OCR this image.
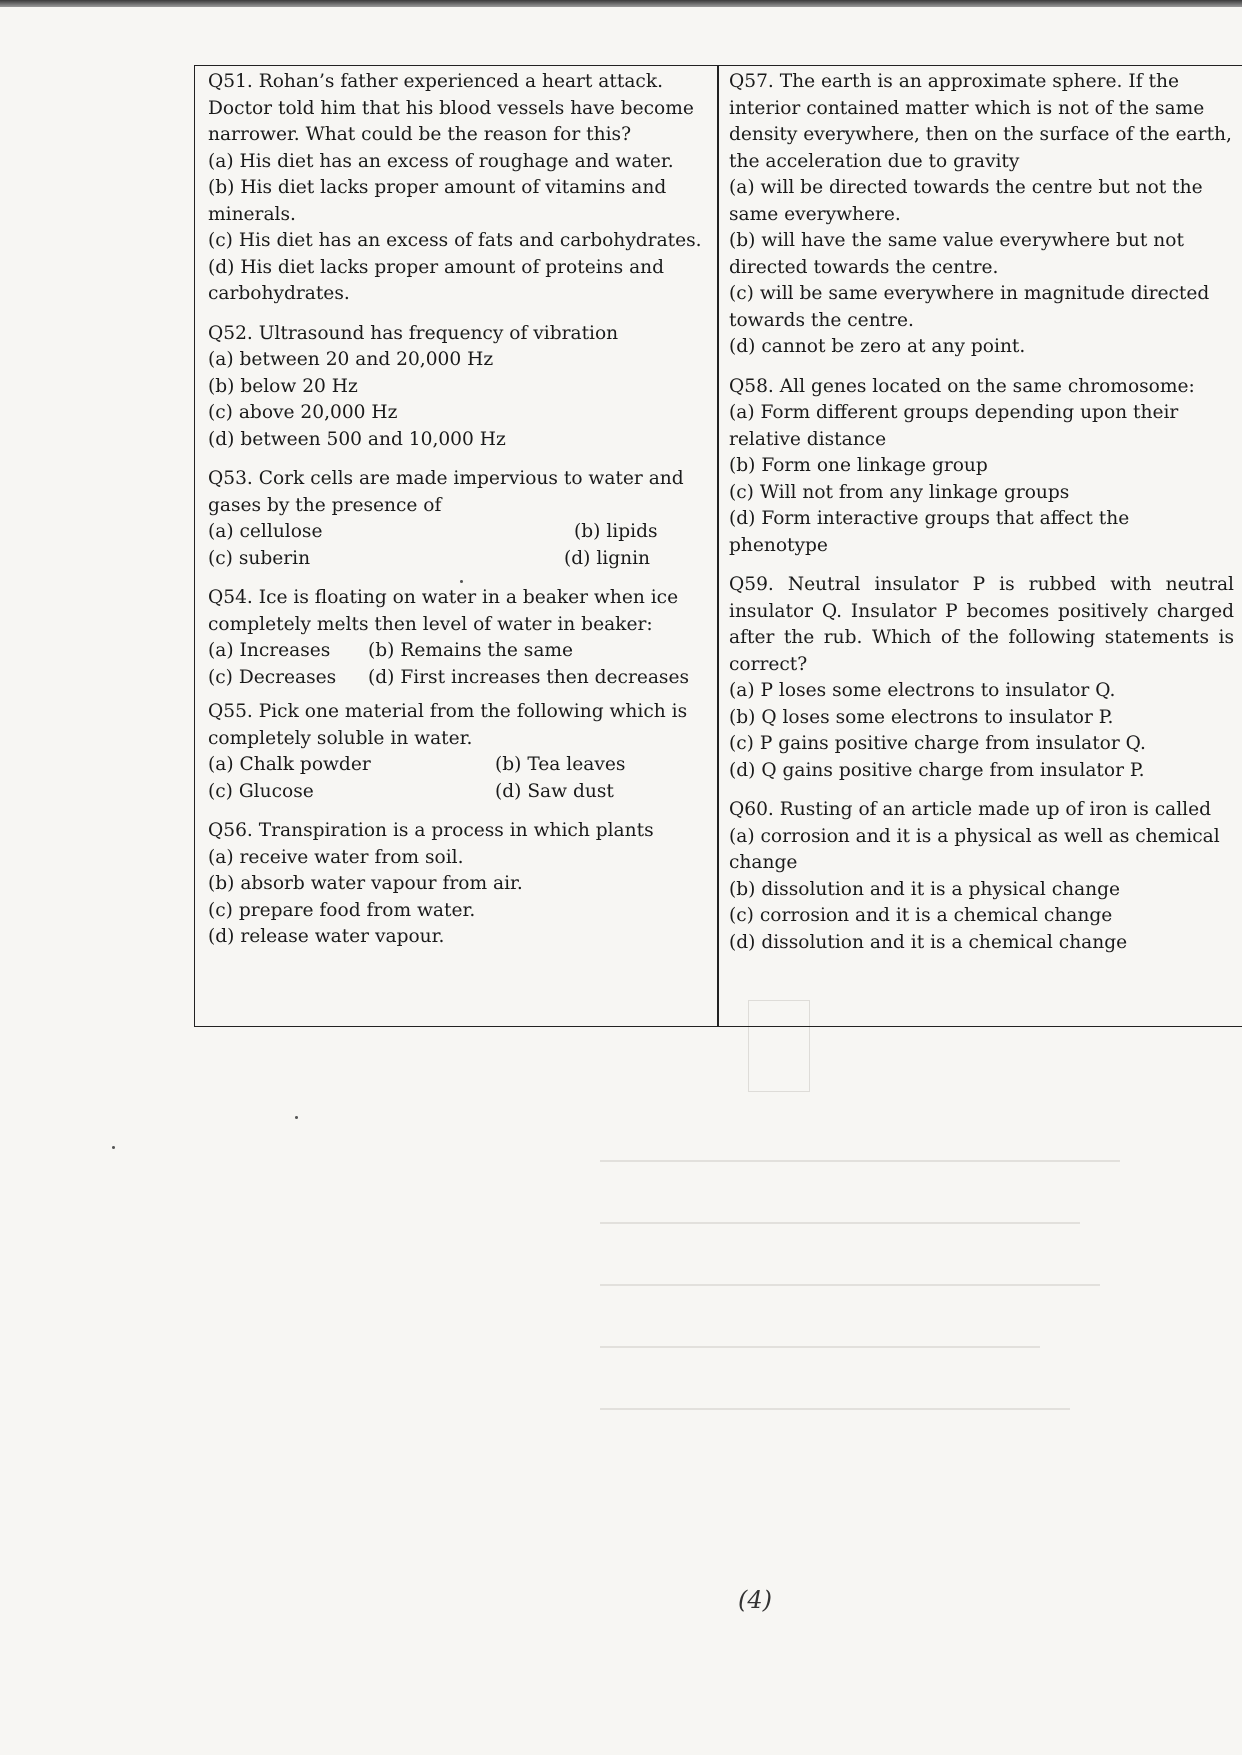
Q51. Rohan’s father experienced a heart attack. Doctor told him that his blood vessels have become narrower. What could be the reason for this?

(a) His diet has an excess of roughage and water.

(b) His diet lacks proper amount of vitamins and minerals.

(c) His diet has an excess of fats and carbohydrates.

(d) His diet lacks proper amount of proteins and carbohydrates.

Q52. Ultrasound has frequency of vibration

(a) between 20 and 20,000 Hz

(b) below 20 Hz

(c) above 20,000 Hz

(d) between 500 and 10,000 Hz

Q53. Cork cells are made impervious to water and gases by the presence of

(a) cellulose	(b) lipids
(c) suberin	(d) lignin

Q54. Ice is floating on water in a beaker when ice completely melts then level of water in beaker:

(a) Increases	(b) Remains the same
(c) Decreases	(d) First increases then decreases

Q55. Pick one material from the following which is completely soluble in water.

(a) Chalk powder	(b) Tea leaves
(c) Glucose	(d) Saw dust

Q56. Transpiration is a process in which plants

(a) receive water from soil.

(b) absorb water vapour from air.

(c) prepare food from water.

(d) release water vapour.

Q57. The earth is an approximate sphere. If the interior contained matter which is not of the same density everywhere, then on the surface of the earth, the acceleration due to gravity

(a) will be directed towards the centre but not the same everywhere.

(b) will have the same value everywhere but not directed towards the centre.

(c) will be same everywhere in magnitude directed towards the centre.

(d) cannot be zero at any point.

Q58. All genes located on the same chromosome:

(a) Form different groups depending upon their relative distance

(b) Form one linkage group

(c) Will not from any linkage groups

(d) Form interactive groups that affect the phenotype

Q59. Neutral insulator P is rubbed with neutral insulator Q. Insulator P becomes positively charged after the rub. Which of the following statements is correct?

(a) P loses some electrons to insulator Q.

(b) Q loses some electrons to insulator P.

(c) P gains positive charge from insulator Q.

(d) Q gains positive charge from insulator P.

Q60. Rusting of an article made up of iron is called

(a) corrosion and it is a physical as well as chemical change

(b) dissolution and it is a physical change

(c) corrosion and it is a chemical change

(d) dissolution and it is a chemical change

(4)
